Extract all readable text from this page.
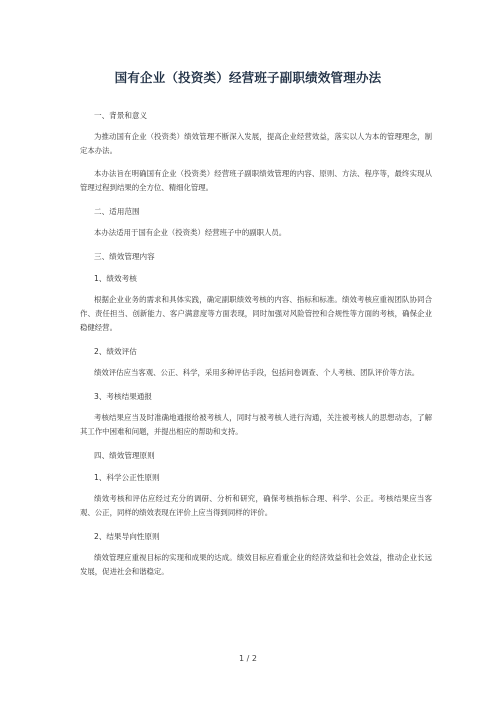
国有企业（投资类）经营班子副职绩效管理办法
一、背景和意义

为推动国有企业（投资类）绩效管理不断深入发展，提高企业经营效益，落实以人为本的管理理念，制定本办法。

本办法旨在明确国有企业（投资类）经营班子副职绩效管理的内容、原则、方法、程序等，最终实现从管理过程到结果的全方位、精细化管理。

二、适用范围

本办法适用于国有企业（投资类）经营班子中的副职人员。

三、绩效管理内容
1、绩效考核

根据企业业务的需求和具体实践，确定副职绩效考核的内容、指标和标准。绩效考核应重视团队协同合作、责任担当、创新能力、客户满意度等方面表现，同时加强对风险管控和合规性等方面的考核，确保企业稳健经营。

2、绩效评估

绩效评估应当客观、公正、科学，采用多种评估手段，包括问卷调查、个人考核、团队评价等方法。

3、考核结果通报

考核结果应当及时准确地通报给被考核人，同时与被考核人进行沟通，关注被考核人的思想动态，了解其工作中困难和问题，并提出相应的帮助和支持。

四、绩效管理原则
1、科学公正性原则

绩效考核和评估应经过充分的调研、分析和研究，确保考核指标合理、科学、公正。考核结果应当客观、公正，同样的绩效表现在评价上应当得到同样的评价。

2、结果导向性原则

绩效管理应重视目标的实现和成果的达成。绩效目标应看重企业的经济效益和社会效益，推动企业长远发展，促进社会和谐稳定。

1 / 2
